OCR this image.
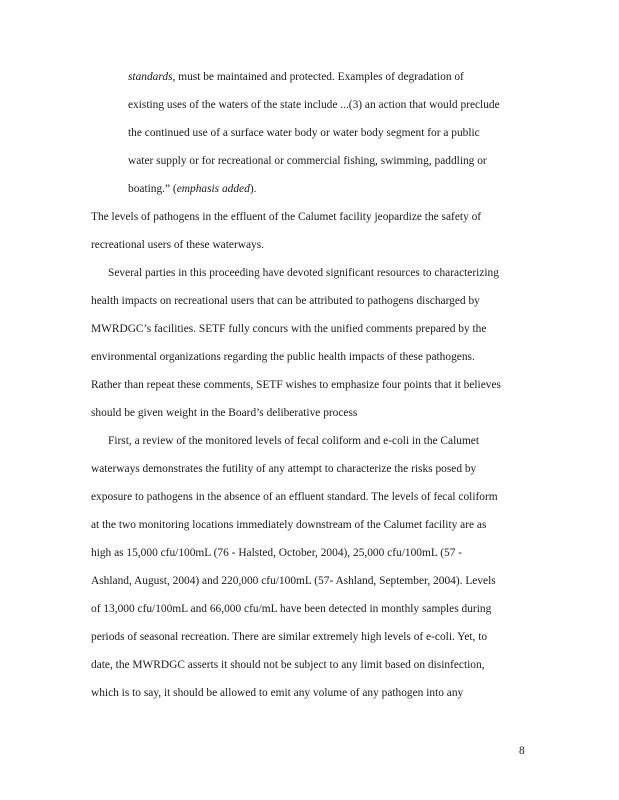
standards, must be maintained and protected. Examples of degradation of
existing uses of the waters of the state include ...(3) an action that would preclude
the continued use of a surface water body or water body segment for a public
water supply or for recreational or commercial fishing, swimming, paddling or
boating.” (emphasis added).
The levels of pathogens in the effluent of the Calumet facility jeopardize the safety of
recreational users of these waterways.
Several parties in this proceeding have devoted significant resources to characterizing
health impacts on recreational users that can be attributed to pathogens discharged by
MWRDGC’s facilities. SETF fully concurs with the unified comments prepared by the
environmental organizations regarding the public health impacts of these pathogens.
Rather than repeat these comments, SETF wishes to emphasize four points that it believes
should be given weight in the Board’s deliberative process
First, a review of the monitored levels of fecal coliform and e-coli in the Calumet
waterways demonstrates the futility of any attempt to characterize the risks posed by
exposure to pathogens in the absence of an effluent standard. The levels of fecal coliform
at the two monitoring locations immediately downstream of the Calumet facility are as
high as 15,000 cfu/100mL (76 - Halsted, October, 2004), 25,000 cfu/100mL (57 -
Ashland, August, 2004) and 220,000 cfu/100mL (57- Ashland, September, 2004). Levels
of 13,000 cfu/100mL and 66,000 cfu/mL have been detected in monthly samples during
periods of seasonal recreation. There are similar extremely high levels of e-coli. Yet, to
date, the MWRDGC asserts it should not be subject to any limit based on disinfection,
which is to say, it should be allowed to emit any volume of any pathogen into any
8
